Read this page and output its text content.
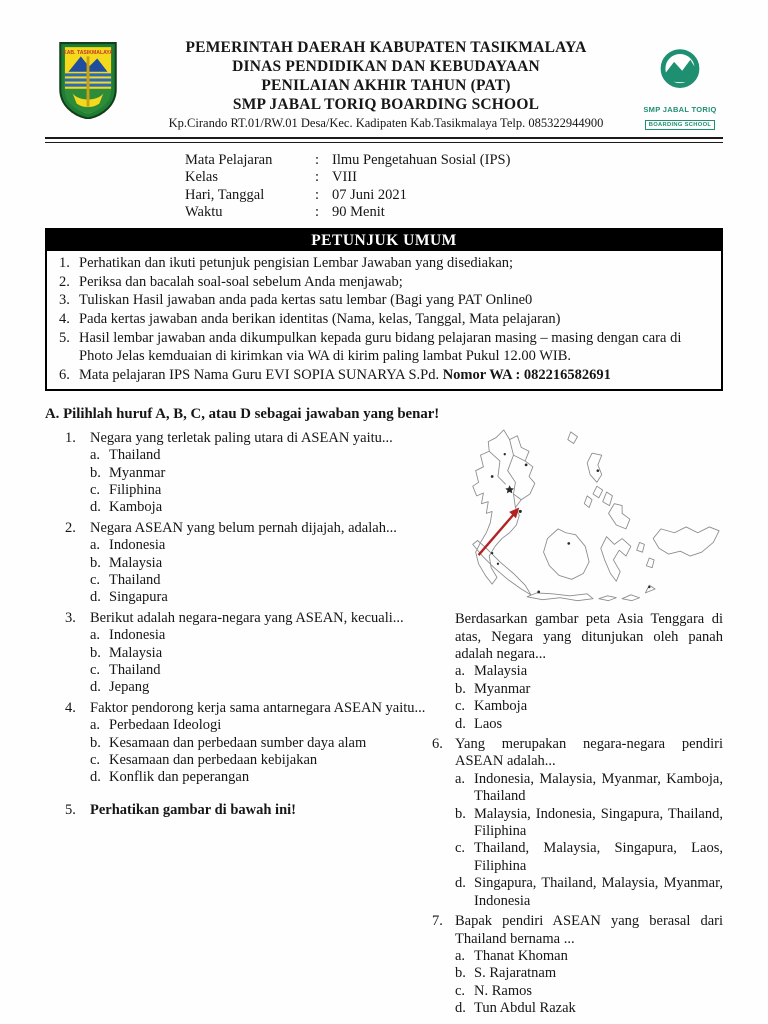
KAB. TASIKMALAYA	PEMERINTAH DAERAH KABUPATEN TASIKMALAYA
DINAS PENDIDIKAN DAN KEBUDAYAAN
PENILAIAN AKHIR TAHUN (PAT)
SMP JABAL TORIQ BOARDING SCHOOL
Kp.Cirando RT.01/RW.01 Desa/Kec. Kadipaten Kab.Tasikmalaya Telp. 085322944900
SMP JABAL TORIQ
BOARDING SCHOOL
Mata Pelajaran	: Ilmu Pengetahuan Sosial (IPS)
Kelas	: VIII
Hari, Tanggal	: 07 Juni 2021
Waktu	: 90 Menit
PETUNJUK UMUM
1. Perhatikan dan ikuti petunjuk pengisian Lembar Jawaban yang disediakan;
2. Periksa dan bacalah soal-soal sebelum Anda menjawab;
3. Tuliskan Hasil jawaban anda pada kertas satu lembar (Bagi yang PAT Online0
4. Pada kertas jawaban anda berikan identitas (Nama, kelas, Tanggal, Mata pelajaran)
5. Hasil lembar jawaban anda dikumpulkan kepada guru bidang pelajaran masing – masing dengan cara di Photo Jelas kemduaian di kirimkan via WA di kirim paling lambat Pukul 12.00 WIB.
6. Mata pelajaran IPS Nama Guru EVI SOPIA SUNARYA S.Pd. Nomor WA : 082216582691
A. Pilihlah huruf A, B, C, atau D sebagai jawaban yang benar!
1. Negara yang terletak paling utara di ASEAN yaitu...
a. Thailand
b. Myanmar
c. Filiphina
d. Kamboja
2. Negara ASEAN yang belum pernah dijajah, adalah...
a. Indonesia
b. Malaysia
c. Thailand
d. Singapura
3. Berikut adalah negara-negara yang ASEAN, kecuali...
a. Indonesia
b. Malaysia
c. Thailand
d. Jepang
4. Faktor pendorong kerja sama antarnegara ASEAN yaitu...
a. Perbedaan Ideologi
b. Kesamaan dan perbedaan sumber daya alam
c. Kesamaan dan perbedaan kebijakan
d. Konflik dan peperangan
5. Perhatikan gambar di bawah ini!
Berdasarkan gambar peta Asia Tenggara di atas, Negara yang ditunjukan oleh panah adalah negara...
a. Malaysia
b. Myanmar
c. Kamboja
d. Laos
6. Yang merupakan negara-negara pendiri ASEAN adalah...
a. Indonesia, Malaysia, Myanmar, Kamboja, Thailand
b. Malaysia, Indonesia, Singapura, Thailand, Filiphina
c. Thailand, Malaysia, Singapura, Laos, Filiphina
d. Singapura, Thailand, Malaysia, Myanmar, Indonesia
7. Bapak pendiri ASEAN yang berasal dari Thailand bernama ...
a. Thanat Khoman
b. S. Rajaratnam
c. N. Ramos
d. Tun Abdul Razak
